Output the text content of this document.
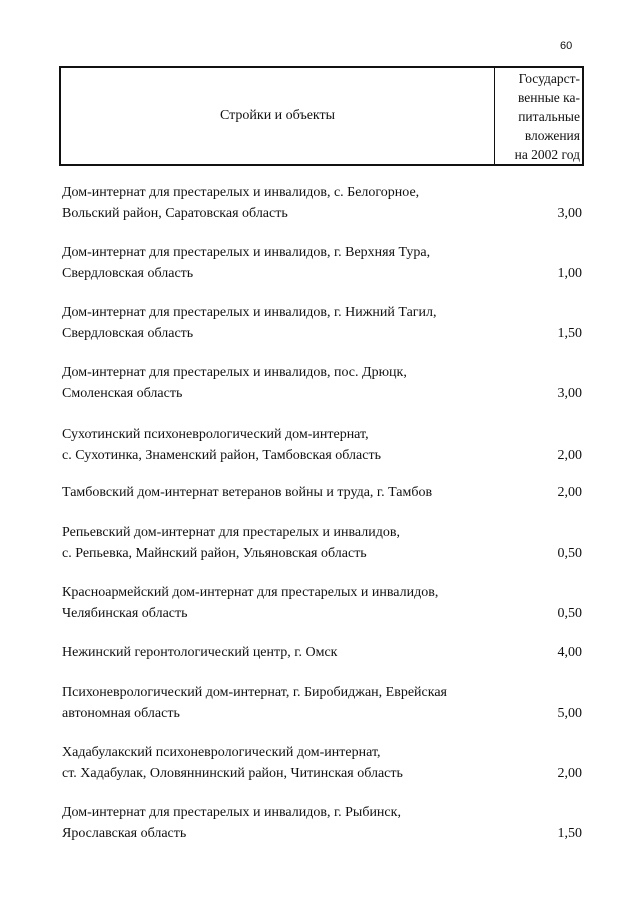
60
Стройки и объекты
Государст-
венные ка-
питальные
вложения
на 2002 год
Дом-интернат для престарелых и инвалидов, с. Белогорное,
Вольский район, Саратовская область	3,00
Дом-интернат для престарелых и инвалидов, г. Верхняя Тура,
Свердловская область	1,00
Дом-интернат для престарелых и инвалидов, г. Нижний Тагил,
Свердловская область	1,50
Дом-интернат для престарелых и инвалидов, пос. Дрюцк,
Смоленская область	3,00
Сухотинский психоневрологический дом-интернат,
с. Сухотинка, Знаменский район, Тамбовская область	2,00
Тамбовский дом-интернат ветеранов войны и труда, г. Тамбов	2,00
Репьевский дом-интернат для престарелых и инвалидов,
с. Репьевка, Майнский район, Ульяновская область	0,50
Красноармейский дом-интернат для престарелых и инвалидов,
Челябинская область	0,50
Нежинский геронтологический центр, г. Омск	4,00
Психоневрологический дом-интернат, г. Биробиджан, Еврейская
автономная область	5,00
Хадабулакский психоневрологический дом-интернат,
ст. Хадабулак, Оловяннинский район, Читинская область	2,00
Дом-интернат для престарелых и инвалидов, г. Рыбинск,
Ярославская область	1,50
